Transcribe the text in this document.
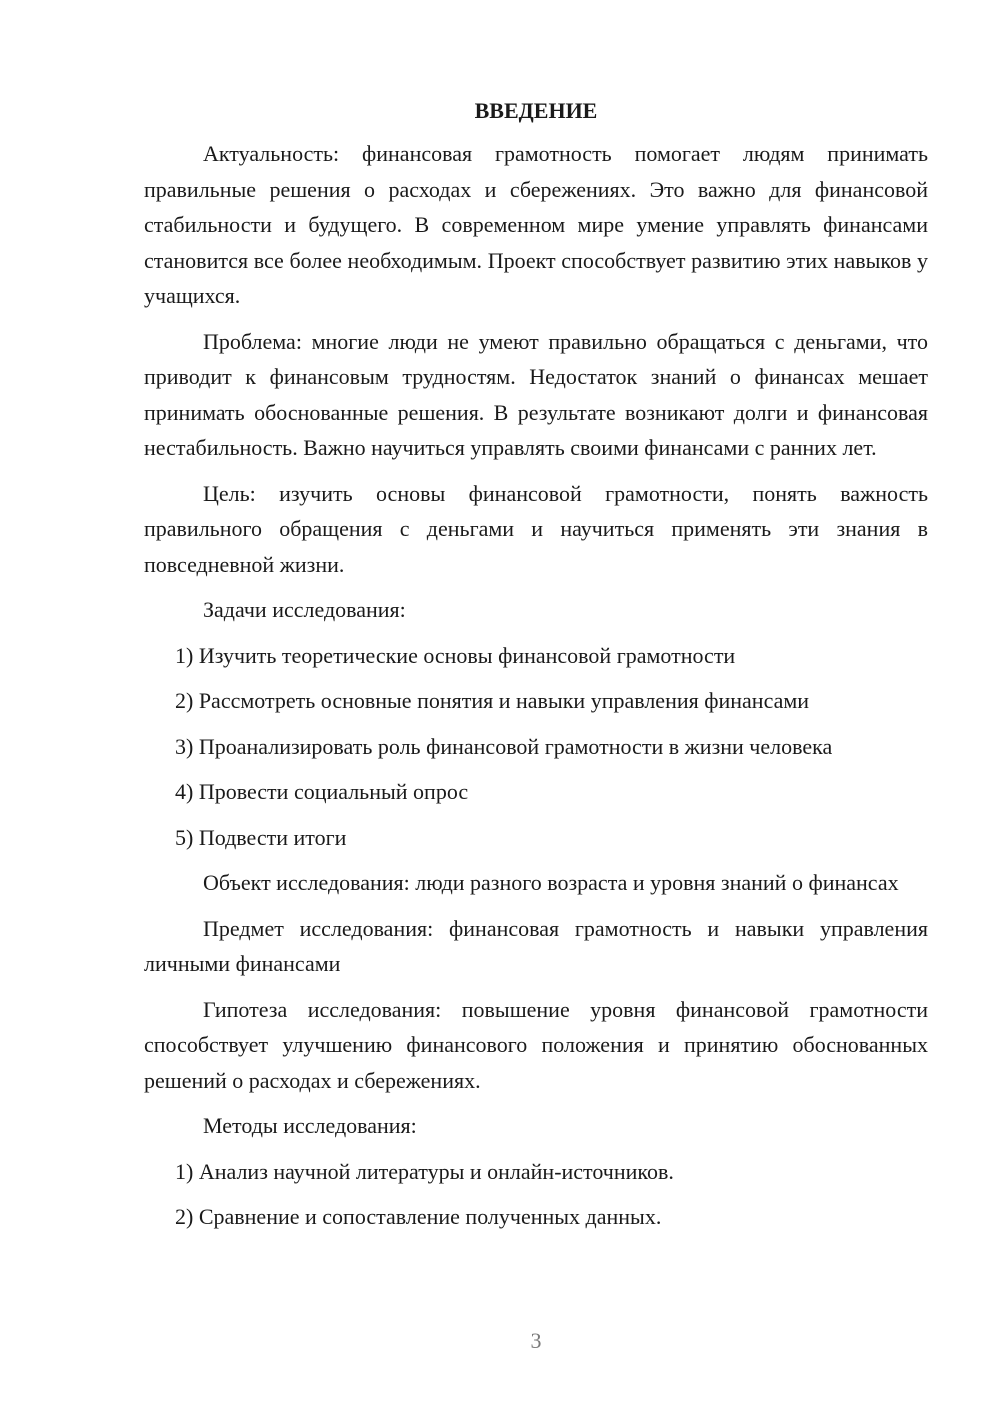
ВВЕДЕНИЕ

Актуальность: финансовая грамотность помогает людям принимать правильные решения о расходах и сбережениях. Это важно для финансовой стабильности и будущего. В современном мире умение управлять финансами становится все более необходимым. Проект способствует развитию этих навыков у учащихся.

Проблема: многие люди не умеют правильно обращаться с деньгами, что приводит к финансовым трудностям. Недостаток знаний о финансах мешает принимать обоснованные решения. В результате возникают долги и финансовая нестабильность. Важно научиться управлять своими финансами с ранних лет.

Цель: изучить основы финансовой грамотности, понять важность правильного обращения с деньгами и научиться применять эти знания в повседневной жизни.

Задачи исследования:

1) Изучить теоретические основы финансовой грамотности
2) Рассмотреть основные понятия и навыки управления финансами
3) Проанализировать роль финансовой грамотности в жизни человека
4) Провести социальный опрос
5) Подвести итоги

Объект исследования: люди разного возраста и уровня знаний о финансах

Предмет исследования: финансовая грамотность и навыки управления личными финансами

Гипотеза исследования: повышение уровня финансовой грамотности способствует улучшению финансового положения и принятию обоснованных решений о расходах и сбережениях.

Методы исследования:

1) Анализ научной литературы и онлайн-источников.
2) Сравнение и сопоставление полученных данных.
3
